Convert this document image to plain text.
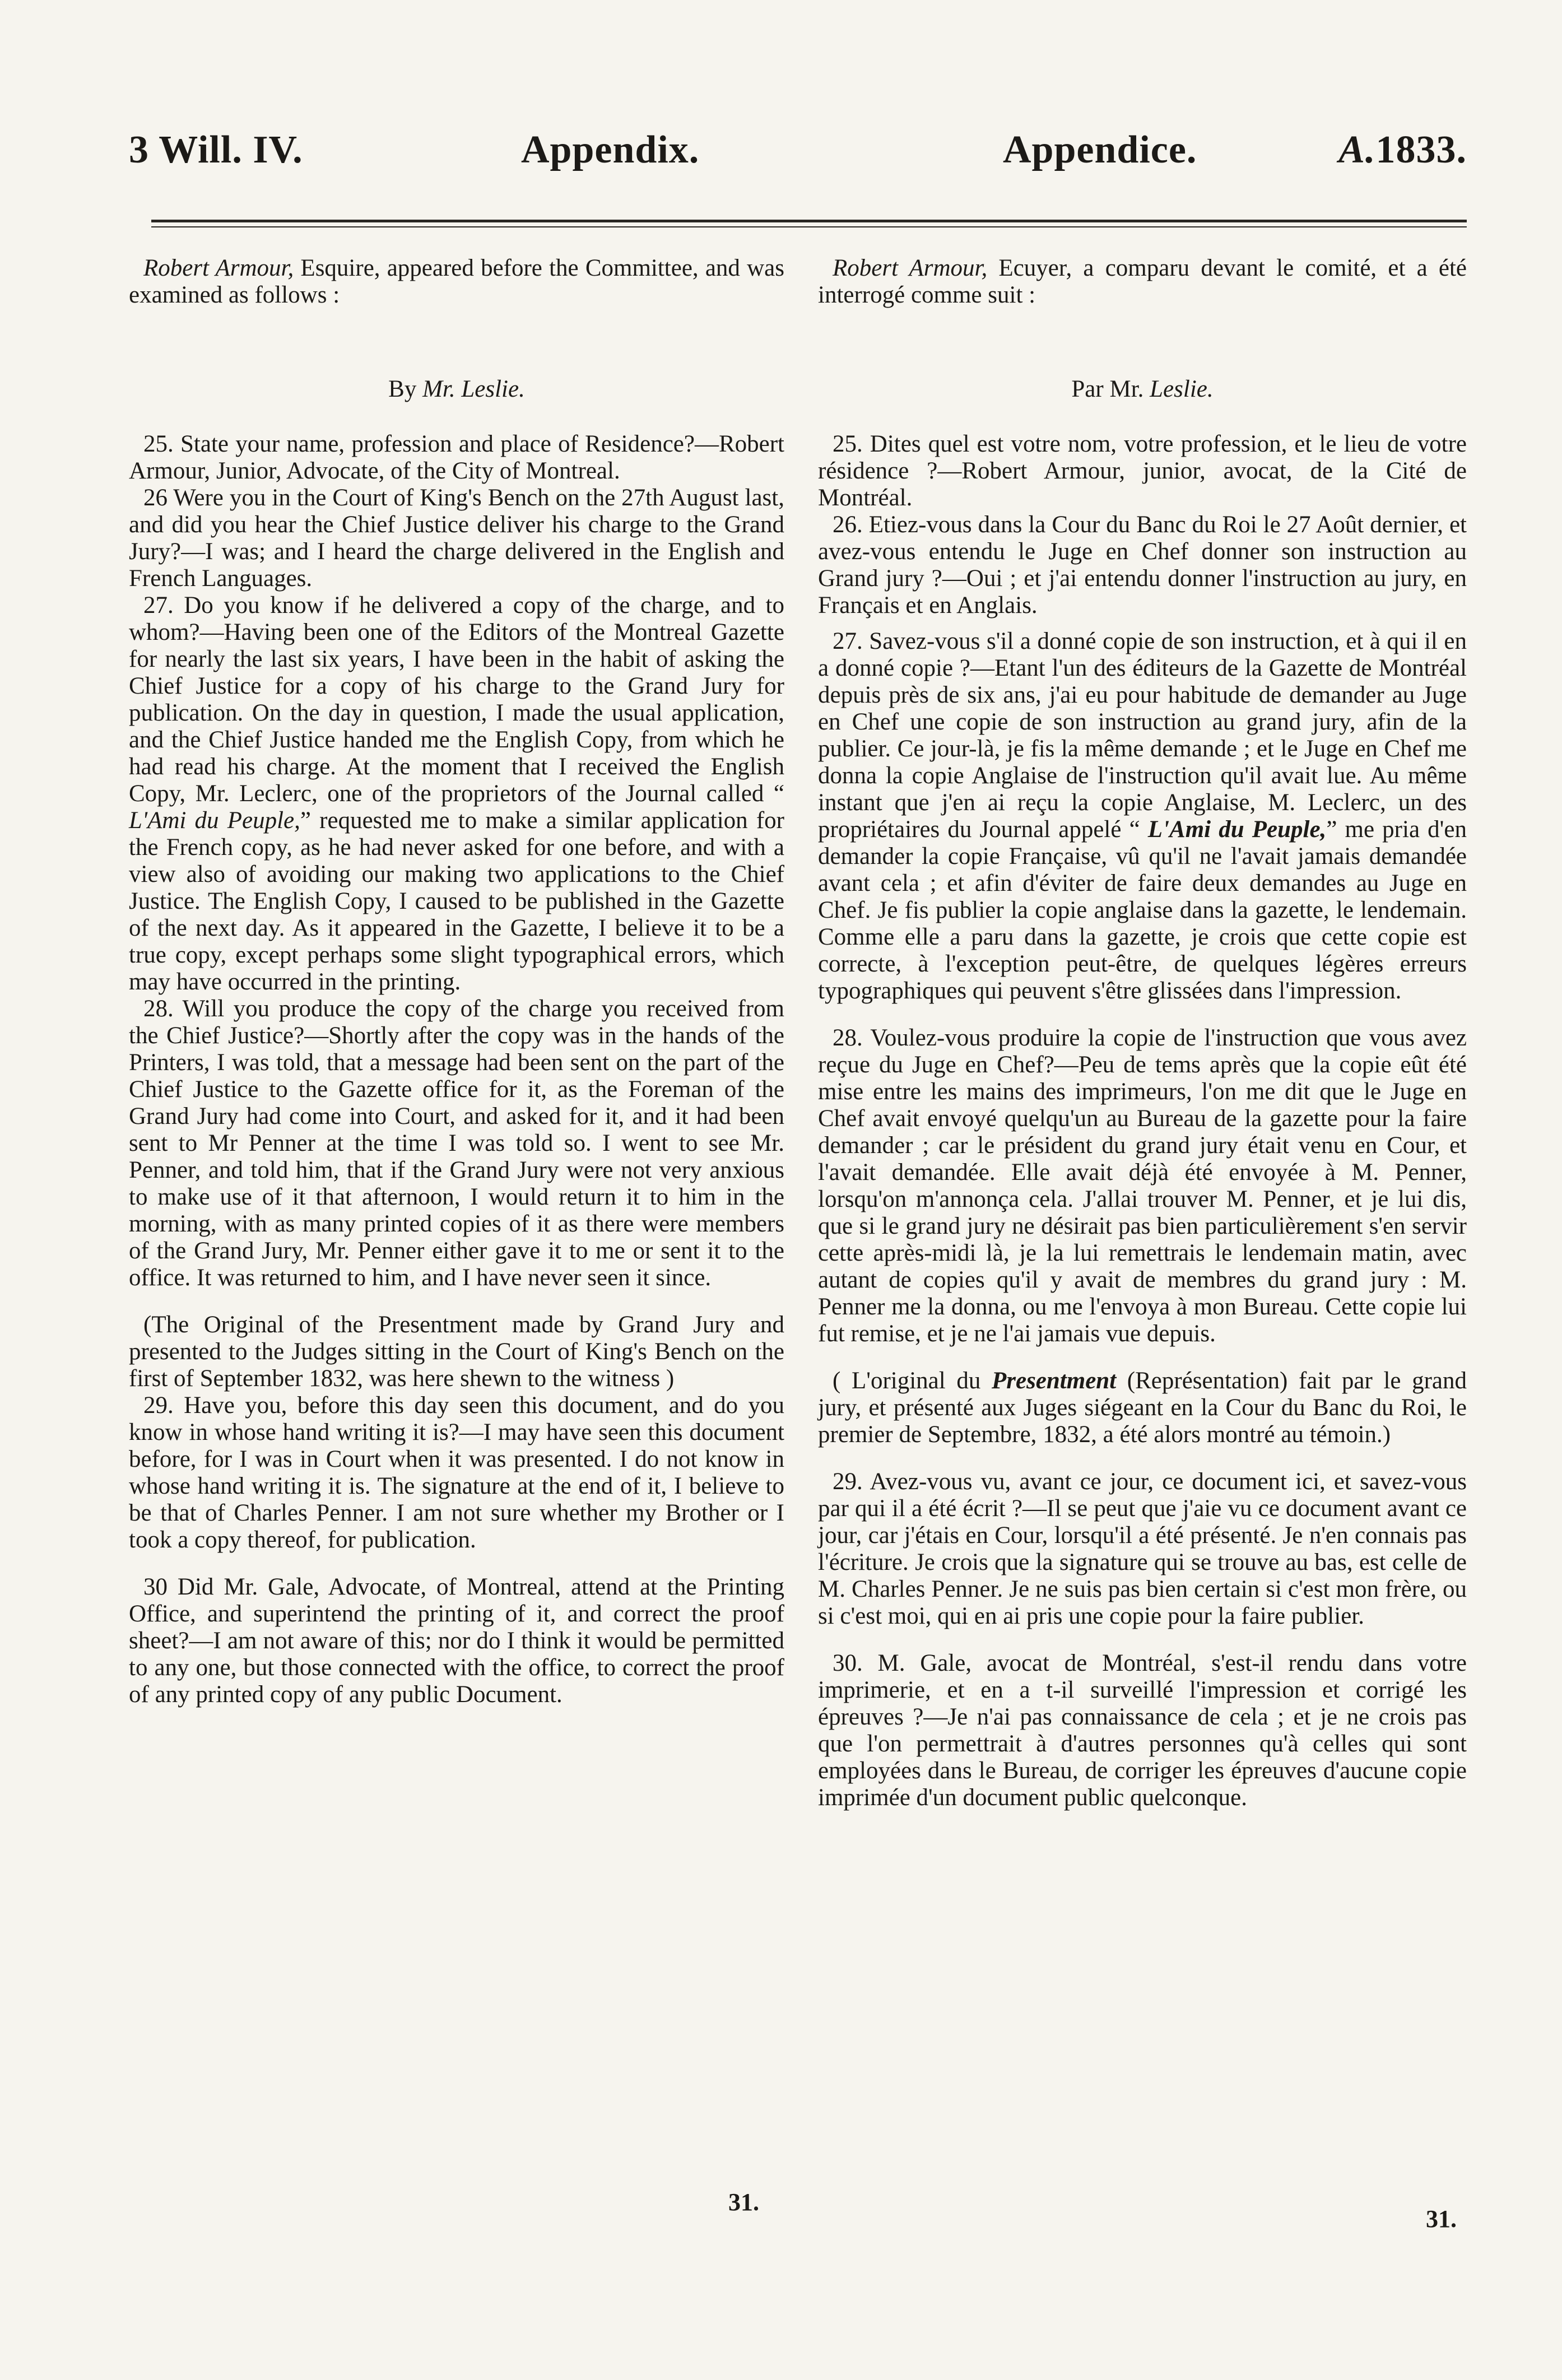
3 Will. IV.	Appendix.	Appendice.	A.1833.

Robert Armour, Esquire, appeared before the Committee, and was examined as follows :

By Mr. Leslie.

25. State your name, profession and place of Residence?—Robert Armour, Junior, Advocate, of the City of Montreal.

26 Were you in the Court of King's Bench on the 27th August last, and did you hear the Chief Justice deliver his charge to the Grand Jury?—I was; and I heard the charge delivered in the English and French Languages.

27. Do you know if he delivered a copy of the charge, and to whom?—Having been one of the Editors of the Montreal Gazette for nearly the last six years, I have been in the habit of asking the Chief Justice for a copy of his charge to the Grand Jury for publication. On the day in question, I made the usual application, and the Chief Justice handed me the English Copy, from which he had read his charge. At the moment that I received the English Copy, Mr. Leclerc, one of the proprietors of the Journal called “ L'Ami du Peuple,” requested me to make a similar application for the French copy, as he had never asked for one before, and with a view also of avoiding our making two applications to the Chief Justice. The English Copy, I caused to be published in the Gazette of the next day. As it appeared in the Gazette, I believe it to be a true copy, except perhaps some slight typographical errors, which may have occurred in the printing.

28. Will you produce the copy of the charge you received from the Chief Justice?—Shortly after the copy was in the hands of the Printers, I was told, that a message had been sent on the part of the Chief Justice to the Gazette office for it, as the Foreman of the Grand Jury had come into Court, and asked for it, and it had been sent to Mr Penner at the time I was told so. I went to see Mr. Penner, and told him, that if the Grand Jury were not very anxious to make use of it that afternoon, I would return it to him in the morning, with as many printed copies of it as there were members of the Grand Jury, Mr. Penner either gave it to me or sent it to the office. It was returned to him, and I have never seen it since.

(The Original of the Presentment made by Grand Jury and presented to the Judges sitting in the Court of King's Bench on the first of September 1832, was here shewn to the witness )

29. Have you, before this day seen this document, and do you know in whose hand writing it is?—I may have seen this document before, for I was in Court when it was presented. I do not know in whose hand writing it is. The signature at the end of it, I believe to be that of Charles Penner. I am not sure whether my Brother or I took a copy thereof, for publication.

30 Did Mr. Gale, Advocate, of Montreal, attend at the Printing Office, and superintend the printing of it, and correct the proof sheet?—I am not aware of this; nor do I think it would be permitted to any one, but those connected with the office, to correct the proof of any printed copy of any public Document.

Robert Armour, Ecuyer, a comparu devant le comité, et a été interrogé comme suit :

Par Mr. Leslie.

25. Dites quel est votre nom, votre profession, et le lieu de votre résidence ?—Robert Armour, junior, avocat, de la Cité de Montréal.

26. Etiez-vous dans la Cour du Banc du Roi le 27 Août dernier, et avez-vous entendu le Juge en Chef donner son instruction au Grand jury ?—Oui ; et j'ai entendu donner l'instruction au jury, en Français et en Anglais.

27. Savez-vous s'il a donné copie de son instruction, et à qui il en a donné copie ?—Etant l'un des éditeurs de la Gazette de Montréal depuis près de six ans, j'ai eu pour habitude de demander au Juge en Chef une copie de son instruction au grand jury, afin de la publier. Ce jour-là, je fis la même demande ; et le Juge en Chef me donna la copie Anglaise de l'instruction qu'il avait lue. Au même instant que j'en ai reçu la copie Anglaise, M. Leclerc, un des propriétaires du Journal appelé “ L'Ami du Peuple,” me pria d'en demander la copie Française, vû qu'il ne l'avait jamais demandée avant cela ; et afin d'éviter de faire deux demandes au Juge en Chef. Je fis publier la copie anglaise dans la gazette, le lendemain. Comme elle a paru dans la gazette, je crois que cette copie est correcte, à l'exception peut-être, de quelques légères erreurs typographiques qui peuvent s'être glissées dans l'impression.

28. Voulez-vous produire la copie de l'instruction que vous avez reçue du Juge en Chef?—Peu de tems après que la copie eût été mise entre les mains des imprimeurs, l'on me dit que le Juge en Chef avait envoyé quelqu'un au Bureau de la gazette pour la faire demander ; car le président du grand jury était venu en Cour, et l'avait demandée. Elle avait déjà été envoyée à M. Penner, lorsqu'on m'annonça cela. J'allai trouver M. Penner, et je lui dis, que si le grand jury ne désirait pas bien particulièrement s'en servir cette après-midi là, je la lui remettrais le lendemain matin, avec autant de copies qu'il y avait de membres du grand jury : M. Penner me la donna, ou me l'envoya à mon Bureau. Cette copie lui fut remise, et je ne l'ai jamais vue depuis.

( L'original du Presentment (Représentation) fait par le grand jury, et présenté aux Juges siégeant en la Cour du Banc du Roi, le premier de Septembre, 1832, a été alors montré au témoin.)

29. Avez-vous vu, avant ce jour, ce document ici, et savez-vous par qui il a été écrit ?—Il se peut que j'aie vu ce document avant ce jour, car j'étais en Cour, lorsqu'il a été présenté. Je n'en connais pas l'écriture. Je crois que la signature qui se trouve au bas, est celle de M. Charles Penner. Je ne suis pas bien certain si c'est mon frère, ou si c'est moi, qui en ai pris une copie pour la faire publier.

30. M. Gale, avocat de Montréal, s'est-il rendu dans votre imprimerie, et en a t-il surveillé l'impression et corrigé les épreuves ?—Je n'ai pas connaissance de cela ; et je ne crois pas que l'on permettrait à d'autres personnes qu'à celles qui sont employées dans le Bureau, de corriger les épreuves d'aucune copie imprimée d'un document public quelconque.

31.
31.
